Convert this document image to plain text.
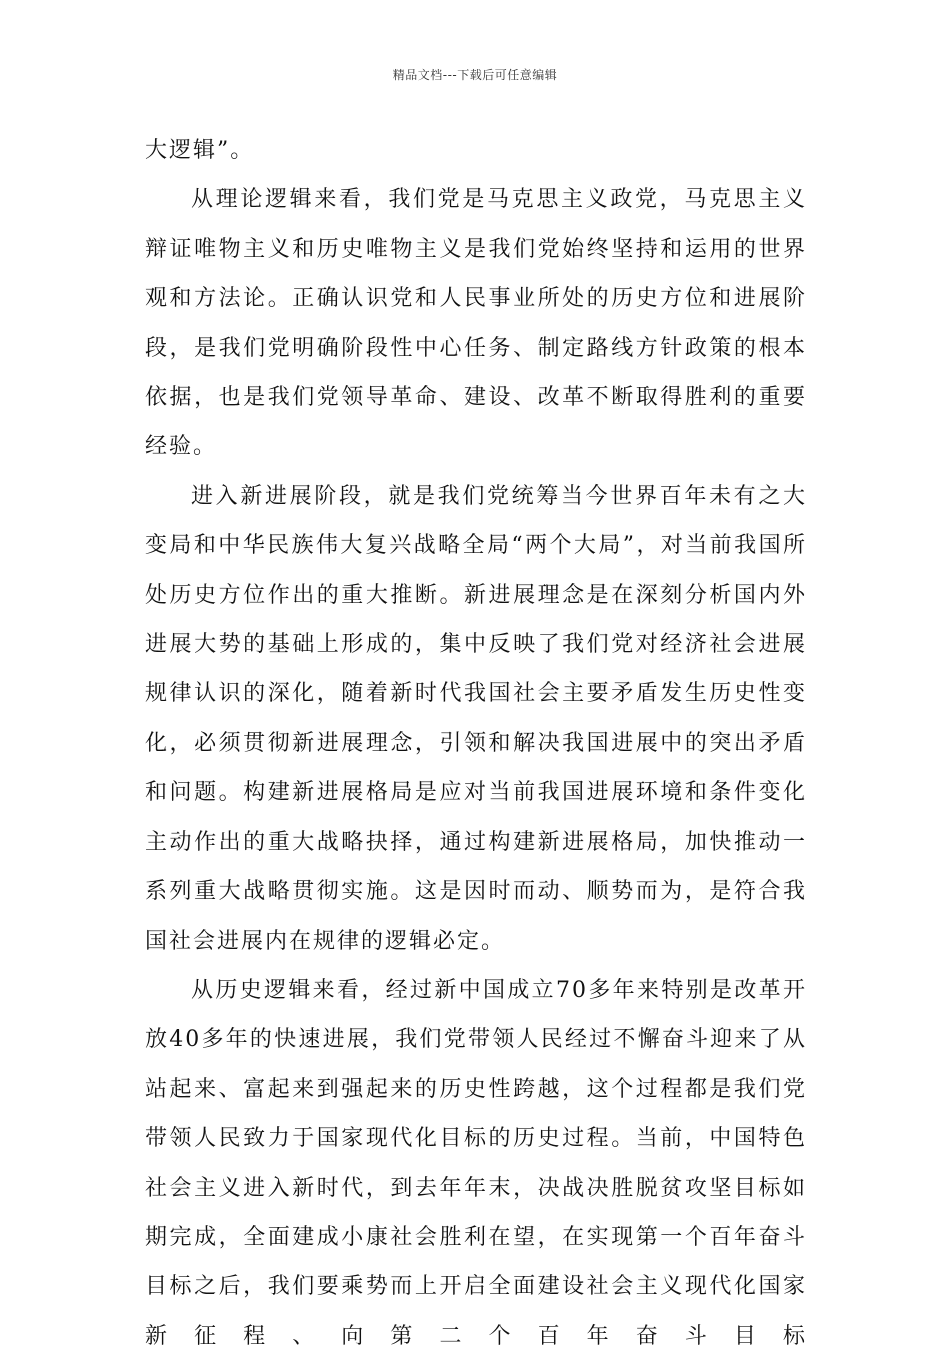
精品文档---下载后可任意编辑

大逻辑”。

从理论逻辑来看，我们党是马克思主义政党，马克思主义辩证唯物主义和历史唯物主义是我们党始终坚持和运用的世界观和方法论。正确认识党和人民事业所处的历史方位和进展阶段，是我们党明确阶段性中心任务、制定路线方针政策的根本依据，也是我们党领导革命、建设、改革不断取得胜利的重要经验。

进入新进展阶段，就是我们党统筹当今世界百年未有之大变局和中华民族伟大复兴战略全局“两个大局”，对当前我国所处历史方位作出的重大推断。新进展理念是在深刻分析国内外进展大势的基础上形成的，集中反映了我们党对经济社会进展规律认识的深化，随着新时代我国社会主要矛盾发生历史性变化，必须贯彻新进展理念，引领和解决我国进展中的突出矛盾和问题。构建新进展格局是应对当前我国进展环境和条件变化主动作出的重大战略抉择，通过构建新进展格局，加快推动一系列重大战略贯彻实施。这是因时而动、顺势而为，是符合我国社会进展内在规律的逻辑必定。

从历史逻辑来看，经过新中国成立70多年来特别是改革开放40多年的快速进展，我们党带领人民经过不懈奋斗迎来了从站起来、富起来到强起来的历史性跨越，这个过程都是我们党带领人民致力于国家现代化目标的历史过程。当前，中国特色社会主义进入新时代，到去年年末，决战决胜脱贫攻坚目标如期完成，全面建成小康社会胜利在望，在实现第一个百年奋斗目标之后，我们要乘势而上开启全面建设社会主义现代化国家新征程、向第二个百年奋斗目标
